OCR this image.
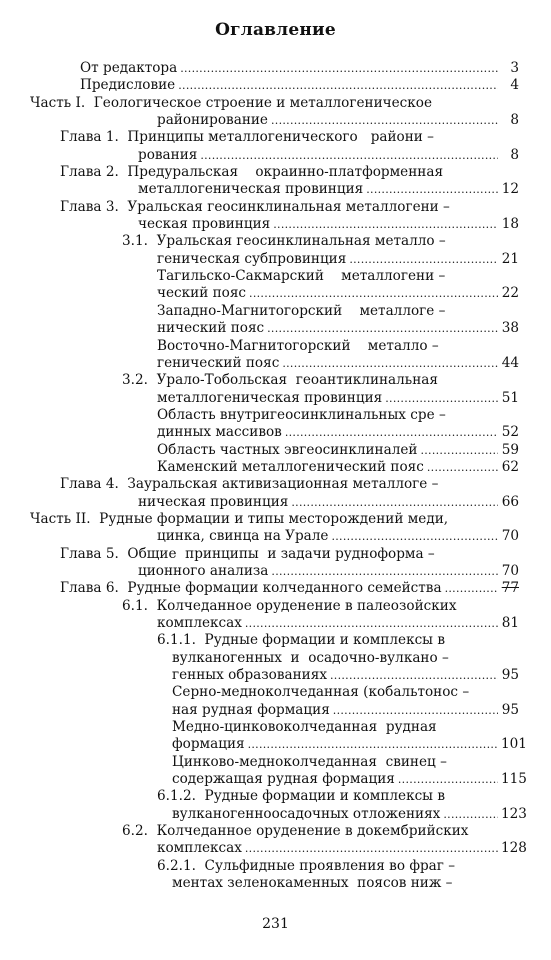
Оглавление
От редактора . . .	3
Предисловие . . .	4
Часть I.  Геологическое строение и металлогеническое
районирование . . .	8
Глава 1.  Принципы металлогенического   райони –
рования . . .	8
Глава 2.  Предуральская    окраинно-платформенная
металлогеническая провинция . . .	12
Глава 3.  Уральская геосинклинальная металлогени –
ческая провинция . . .	18
3.1.  Уральская геосинклинальная металло –
геническая субпровинция . . .	21
Тагильско-Сакмарский    металлогени –
ческий пояс . . .	22
Западно-Магнитогорский    металлоге –
нический пояс . . .	38
Восточно-Магнитогорский    металло –
генический пояс . . .	44
3.2.  Урало-Тобольская  геоантиклинальная
металлогеническая провинция . . .	51
Область внутригеосинклинальных сре –
динных массивов . . .	52
Область частных эвгеосинклиналей . . .	59
Каменский металлогенический пояс . . .	62
Глава 4.  Зауральская активизационная металлоге –
ническая провинция . . .	66
Часть II.  Рудные формации и типы месторождений меди,
цинка, свинца на Урале . . .	70
Глава 5.  Общие  принципы  и задачи рудноформа –
ционного анализа . . .	70
Глава 6.  Рудные формации колчеданного семейства . . .	77
6.1.  Колчеданное оруденение в палеозойских
комплексах . . .	81
6.1.1.  Рудные формации и комплексы в
вулканогенных  и  осадочно-вулкано –
генных образованиях . . .	95
Серно-медноколчеданная (кобальтонос –
ная рудная формация . . .	95
Медно-цинковоколчеданная  рудная
формация . . .	101
Цинково-медноколчеданная  свинец –
содержащая рудная формация . . .	115
6.1.2.  Рудные формации и комплексы в
вулканогенноосадочных отложениях . . .	123
6.2.  Колчеданное оруденение в докембрийских
комплексах . . .	128
6.2.1.  Сульфидные проявления во фраг –
ментах зеленокаменных  поясов ниж –
231
